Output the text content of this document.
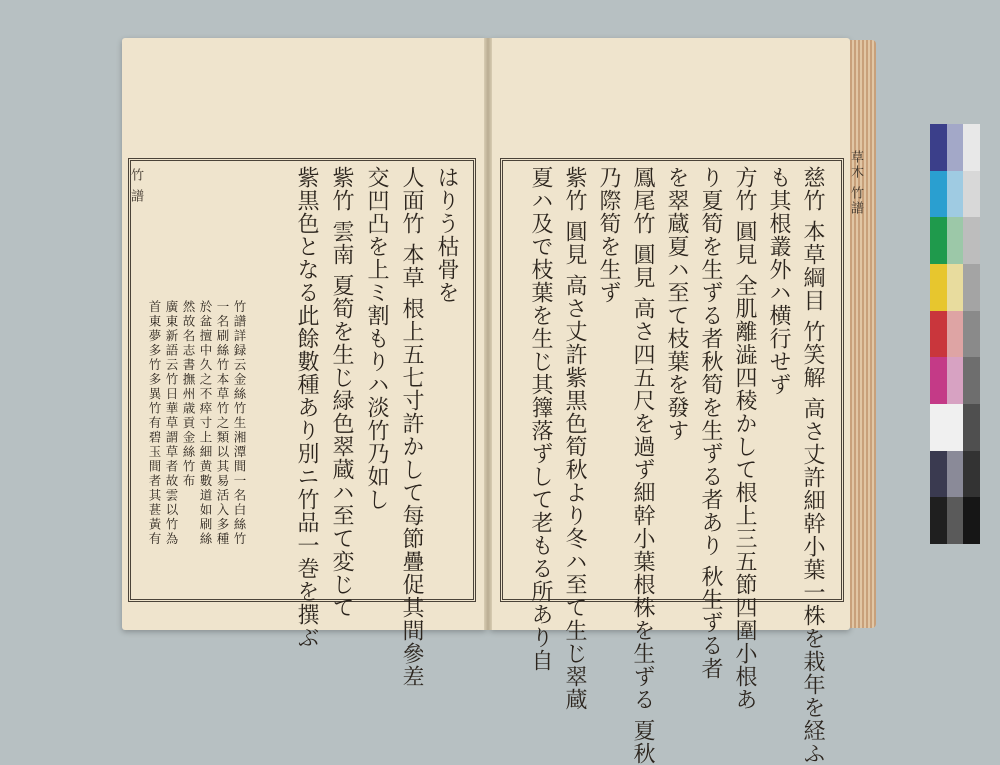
竹 譜	草木 竹譜
はりう枯骨を
人面竹 本草 根上五七寸許かして每節疊促其間參差
交凹凸を上ミ割もりハ淡竹乃如し
紫竹 雲南 夏筍を生じ緑色翠蔵ハ至て変じて
紫黒色となる此餘數種あり別ニ竹品一巻を撰ぶ
竹譜詳録云金絲竹生湘潭間一名白絲竹
一名刷絲竹本草竹之類以其易活入多種
於盆擅中久之不瘁寸上細黄數道如刷絲
然故名志書撫州歳貢金絲竹布
廣東新語云竹日華草謂草者故雲以竹為
首東夢多竹多異竹有碧玉間者其葚黃有	慈竹 本草綱目 竹笑解 高さ丈許細幹小葉一株を栽年を経ふ
も其根叢外ハ横行せず
方竹 圓見 全肌離澁四稜かして根上三五節四圍小根あ
り夏筍を生ずる者秋筍を生ずる者あり 秋生ずる者
を翠蔵夏ハ至て枝葉を發す
鳳尾竹 圓見 高さ四五尺を過ず細幹小葉根株を生ずる 夏秋
乃際筍を生ず
紫竹 圓見 高さ丈許紫黒色筍秋より冬ハ至て生じ翠蔵
夏ハ及で枝葉を生じ其籜落ずして老もる所あり自
